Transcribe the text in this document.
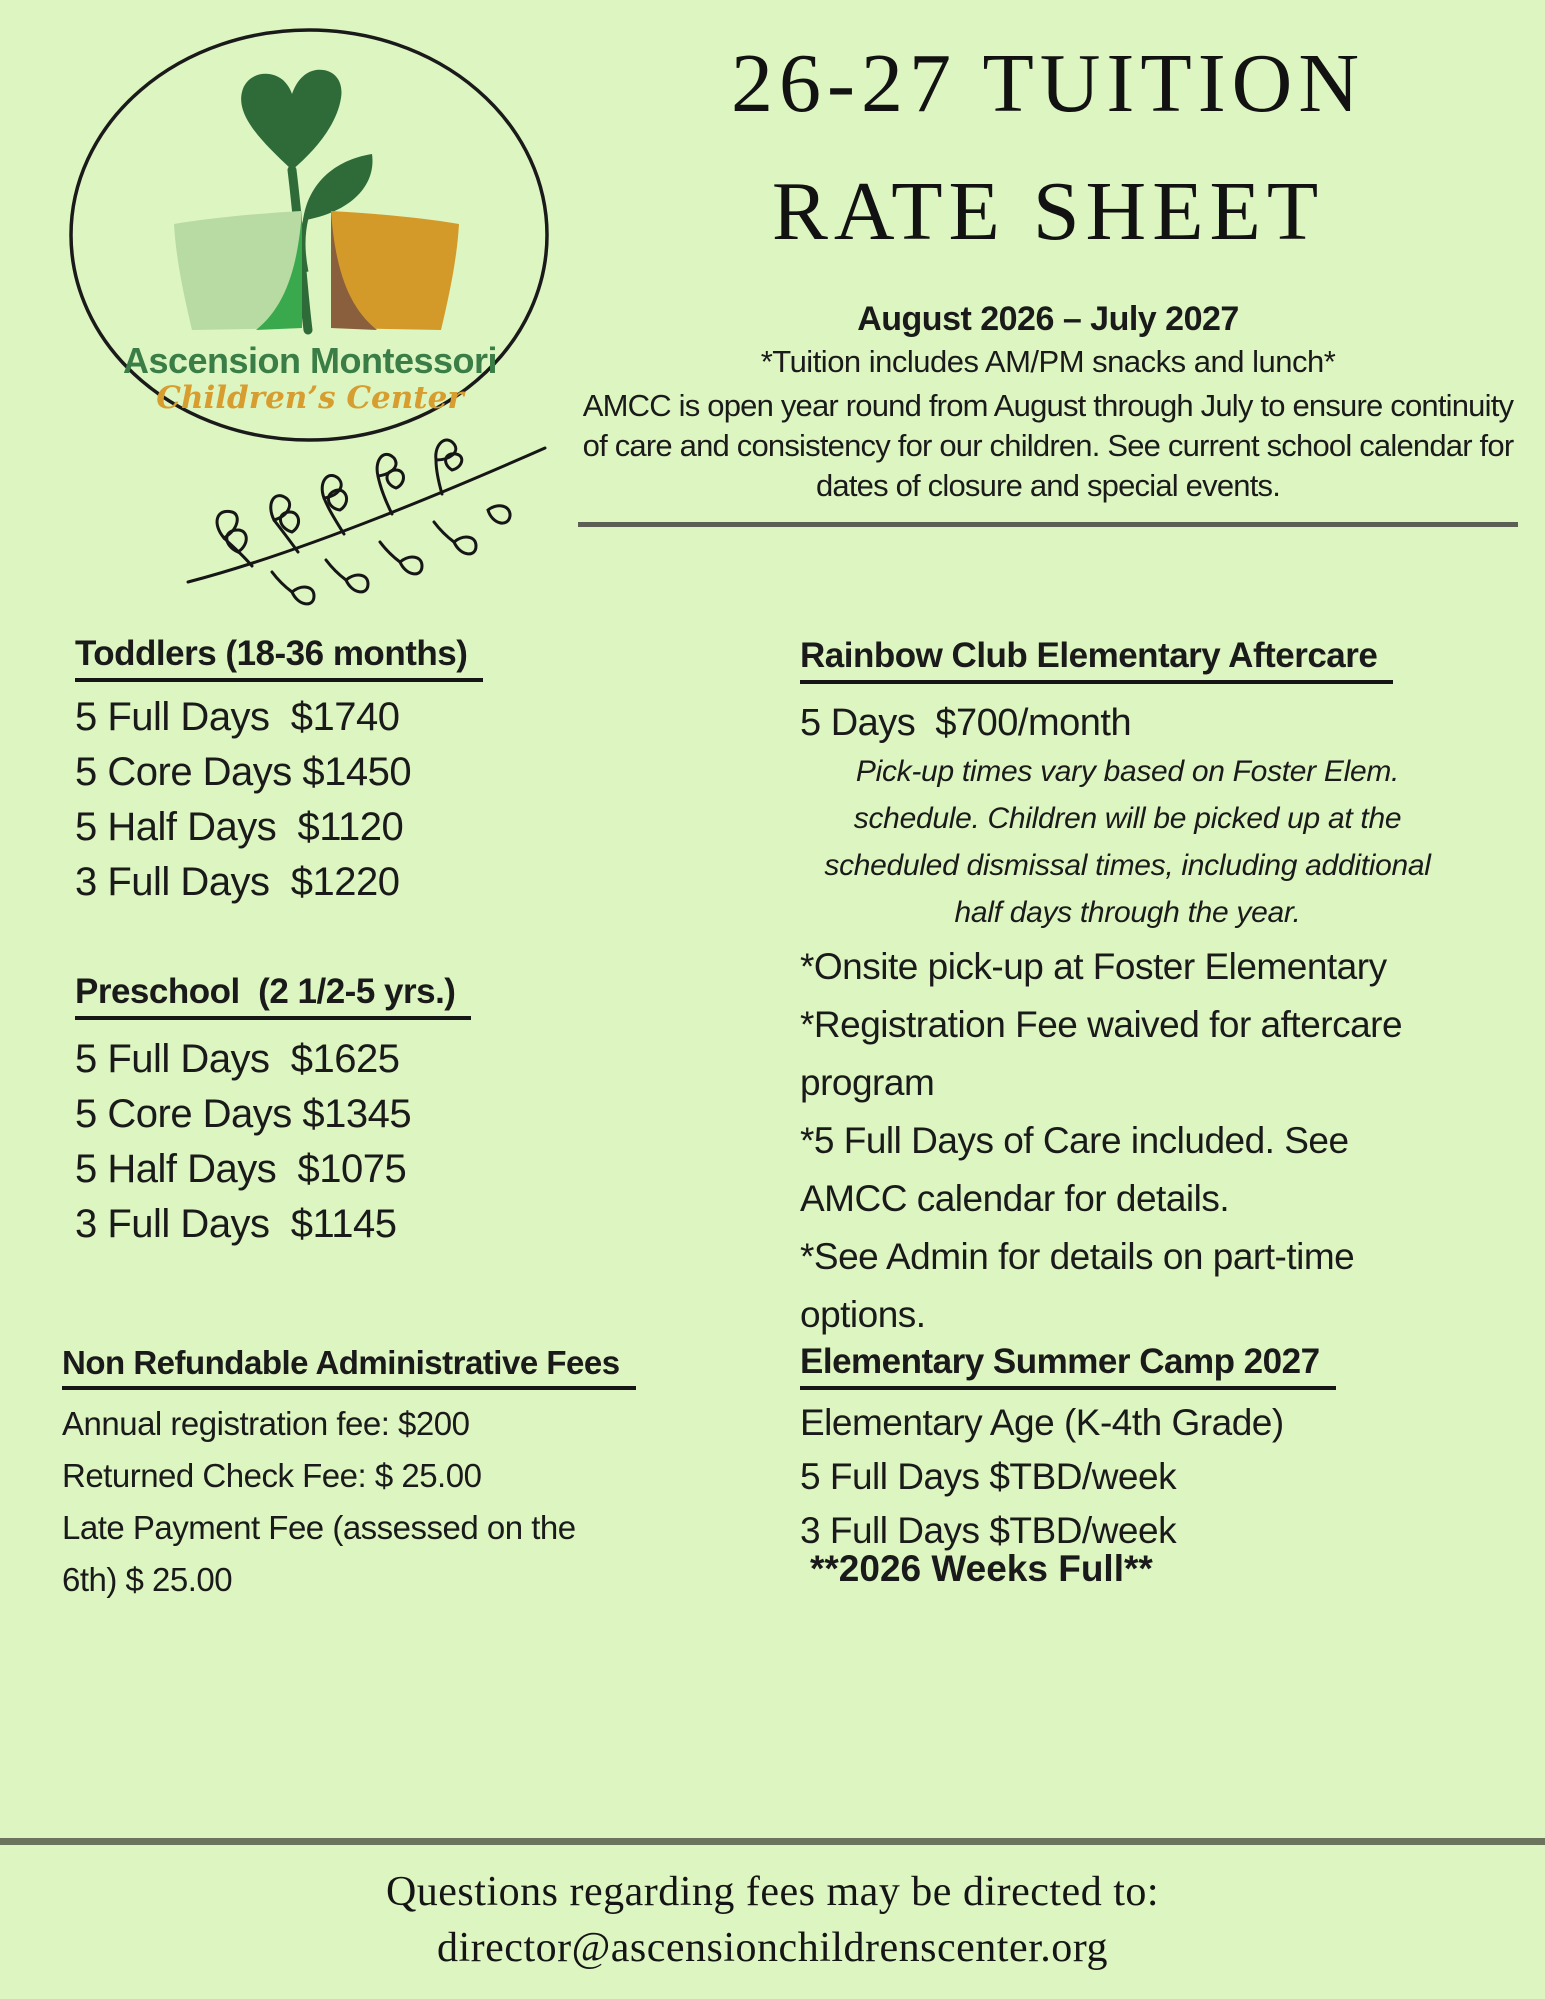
Ascension Montessori
Children’s Center
26-27 TUITION
RATE SHEET
August 2026 – July 2027
*Tuition includes AM/PM snacks and lunch*
AMCC is open year round from August through July to ensure continuity
of care and consistency for our children. See current school calendar for
dates of closure and special events.
Toddlers (18-36 months)
5 Full Days  $1740
5 Core Days $1450
5 Half Days  $1120
3 Full Days  $1220
Preschool  (2 1/2-5 yrs.)
5 Full Days  $1625
5 Core Days $1345
5 Half Days  $1075
3 Full Days  $1145
Non Refundable Administrative Fees
Annual registration fee: $200
Returned Check Fee: $ 25.00
Late Payment Fee (assessed on the
6th) $ 25.00
Rainbow Club Elementary Aftercare
5 Days  $700/month
Pick-up times vary based on Foster Elem.
schedule. Children will be picked up at the
scheduled dismissal times, including additional
half days through the year.
*Onsite pick-up at Foster Elementary
*Registration Fee waived for aftercare
program
*5 Full Days of Care included. See
AMCC calendar for details.
*See Admin for details on part-time
options.
Elementary Summer Camp 2027
Elementary Age (K-4th Grade)
5 Full Days $TBD/week
3 Full Days $TBD/week
**2026 Weeks Full**
Questions regarding fees may be directed to:
director@ascensionchildrenscenter.org
